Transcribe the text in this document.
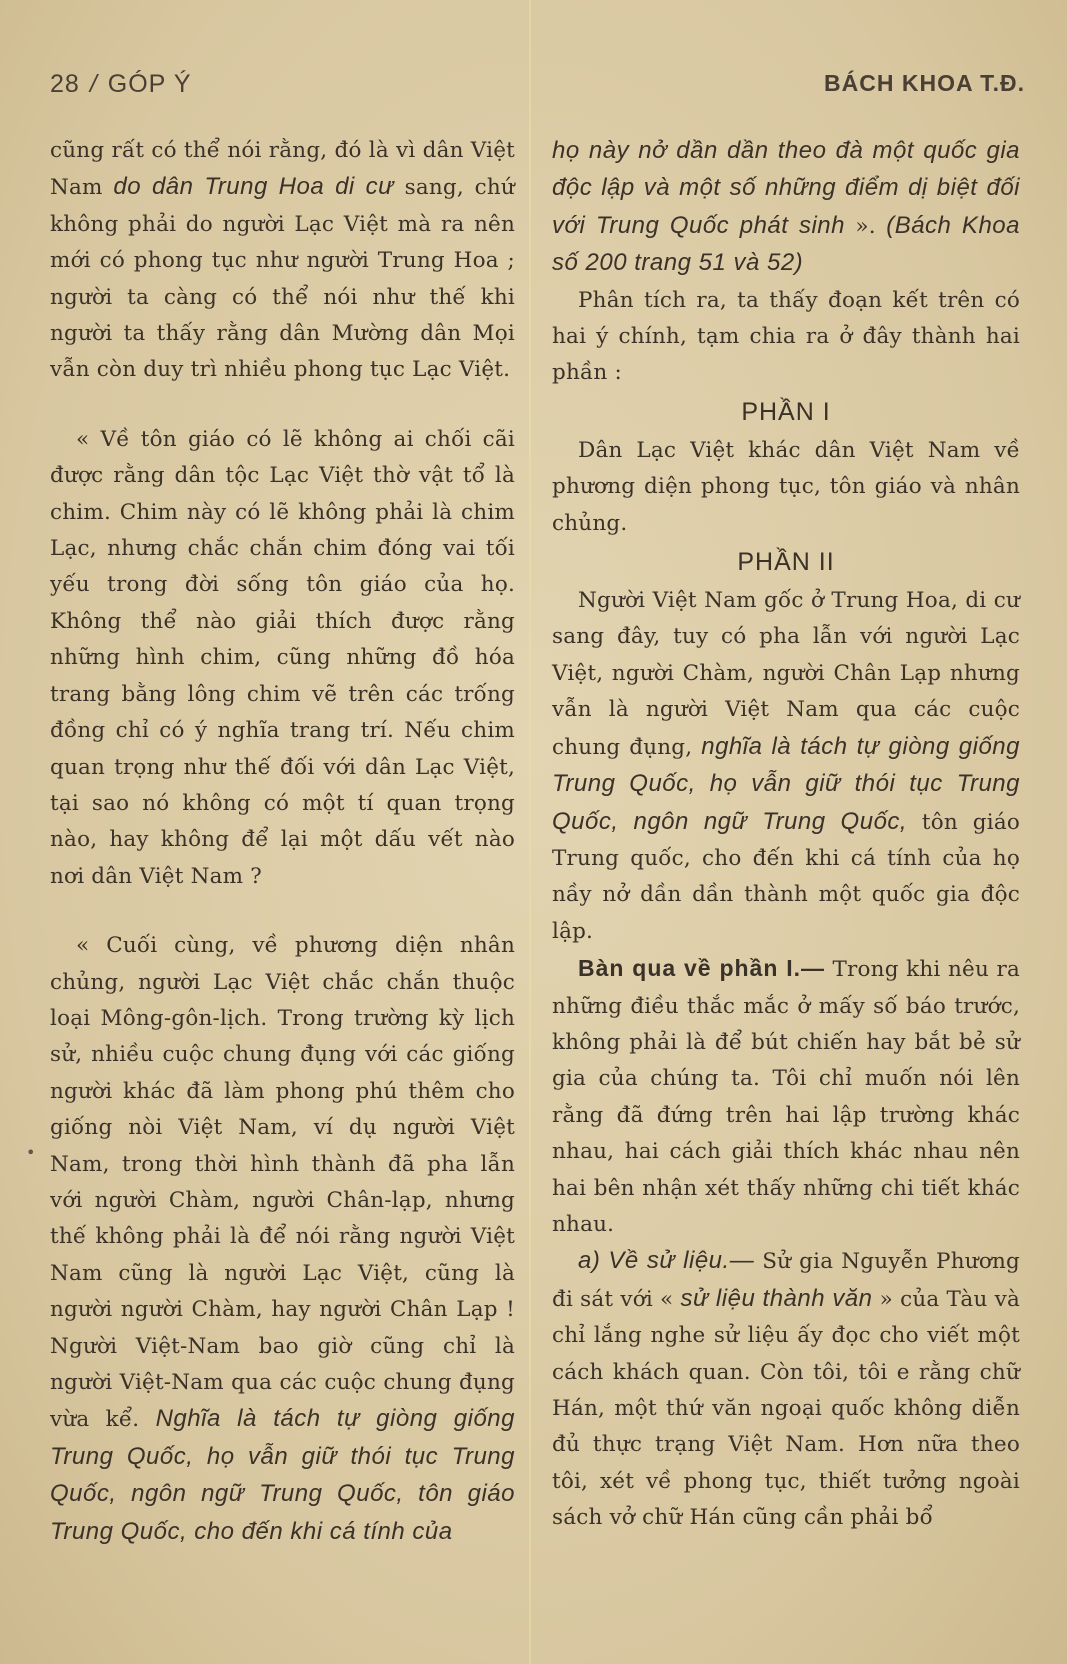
28 / GÓP Ý	BÁCH KHOA T.Đ.
•

cũng rất có thể nói rằng, đó là vì dân Việt Nam do dân Trung Hoa di cư sang, chứ không phải do người Lạc Việt mà ra nên mới có phong tục như người Trung Hoa ; người ta càng có thể nói như thế khi người ta thấy rằng dân Mường dân Mọi vẫn còn duy trì nhiều phong tục Lạc Việt.

« Về tôn giáo có lẽ không ai chối cãi được rằng dân tộc Lạc Việt thờ vật tổ là chim. Chim này có lẽ không phải là chim Lạc, nhưng chắc chắn chim đóng vai tối yếu trong đời sống tôn giáo của họ. Không thể nào giải thích được rằng những hình chim, cũng những đồ hóa trang bằng lông chim vẽ trên các trống đồng chỉ có ý nghĩa trang trí. Nếu chim quan trọng như thế đối với dân Lạc Việt, tại sao nó không có một tí quan trọng nào, hay không để lại một dấu vết nào nơi dân Việt Nam ?

« Cuối cùng, về phương diện nhân chủng, người Lạc Việt chắc chắn thuộc loại Mông-gôn-lịch. Trong trường kỳ lịch sử, nhiều cuộc chung đụng với các giống người khác đã làm phong phú thêm cho giống nòi Việt Nam, ví dụ người Việt Nam, trong thời hình thành đã pha lẫn với người Chàm, người Chân-lạp, nhưng thế không phải là để nói rằng người Việt Nam cũng là người Lạc Việt, cũng là người người Chàm, hay người Chân Lạp ! Người Việt-Nam bao giờ cũng chỉ là người Việt-Nam qua các cuộc chung đụng vừa kể. Nghĩa là tách tự giòng giống Trung Quốc, họ vẫn giữ thói tục Trung Quốc, ngôn ngữ Trung Quốc, tôn giáo Trung Quốc, cho đến khi cá tính của

họ này nở dần dần theo đà một quốc gia độc lập và một số những điểm dị biệt đối với Trung Quốc phát sinh ». (Bách Khoa số 200 trang 51 và 52)

Phân tích ra, ta thấy đoạn kết trên có hai ý chính, tạm chia ra ở đây thành hai phần :

PHẦN I

Dân Lạc Việt khác dân Việt Nam về phương diện phong tục, tôn giáo và nhân chủng.

PHẦN II

Người Việt Nam gốc ở Trung Hoa, di cư sang đây, tuy có pha lẫn với người Lạc Việt, người Chàm, người Chân Lạp nhưng vẫn là người Việt Nam qua các cuộc chung đụng, nghĩa là tách tự giòng giống Trung Quốc, họ vẫn giữ thói tục Trung Quốc, ngôn ngữ Trung Quốc, tôn giáo Trung quốc, cho đến khi cá tính của họ nầy nở dần dần thành một quốc gia độc lập.

Bàn qua về phần I.— Trong khi nêu ra những điều thắc mắc ở mấy số báo trước, không phải là để bút chiến hay bắt bẻ sử gia của chúng ta. Tôi chỉ muốn nói lên rằng đã đứng trên hai lập trường khác nhau, hai cách giải thích khác nhau nên hai bên nhận xét thấy những chi tiết khác nhau.

a) Về sử liệu.— Sử gia Nguyễn Phương đi sát với « sử liệu thành văn » của Tàu và chỉ lắng nghe sử liệu ấy đọc cho viết một cách khách quan. Còn tôi, tôi e rằng chữ Hán, một thứ văn ngoại quốc không diễn đủ thực trạng Việt Nam. Hơn nữa theo tôi, xét về phong tục, thiết tưởng ngoài sách vở chữ Hán cũng cần phải bổ
